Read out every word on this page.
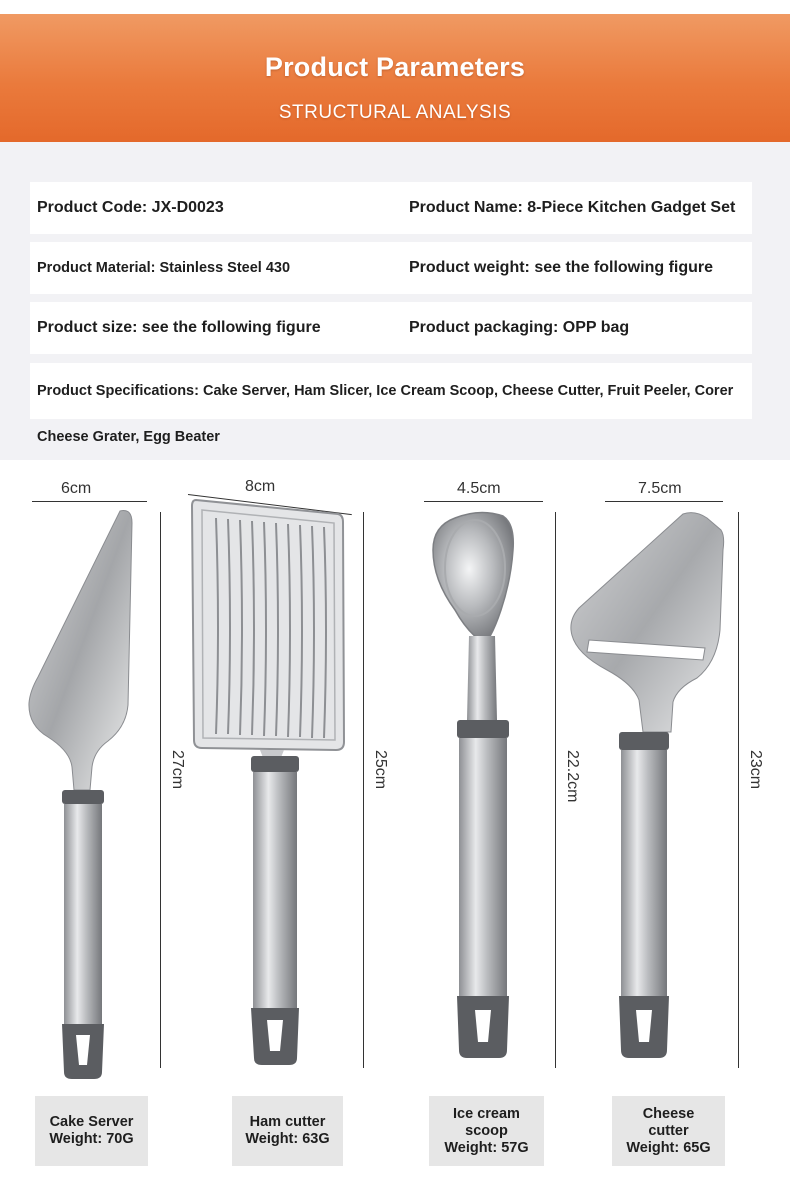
Product Parameters
STRUCTURAL ANALYSIS
Product Code: JX-D0023	Product Name: 8-Piece Kitchen Gadget Set
Product Material: Stainless Steel 430	Product weight: see the following figure
Product size: see the following figure	Product packaging: OPP bag
Product Specifications: Cake Server, Ham Slicer, Ice Cream Scoop, Cheese Cutter, Fruit Peeler, Corer
Cheese Grater, Egg Beater
6cm
27cm
Cake Server
Weight: 70G
8cm
25cm
Ham cutter
Weight: 63G
4.5cm
22.2cm
Ice cream
scoop
Weight: 57G
7.5cm
23cm
Cheese
cutter
Weight: 65G
